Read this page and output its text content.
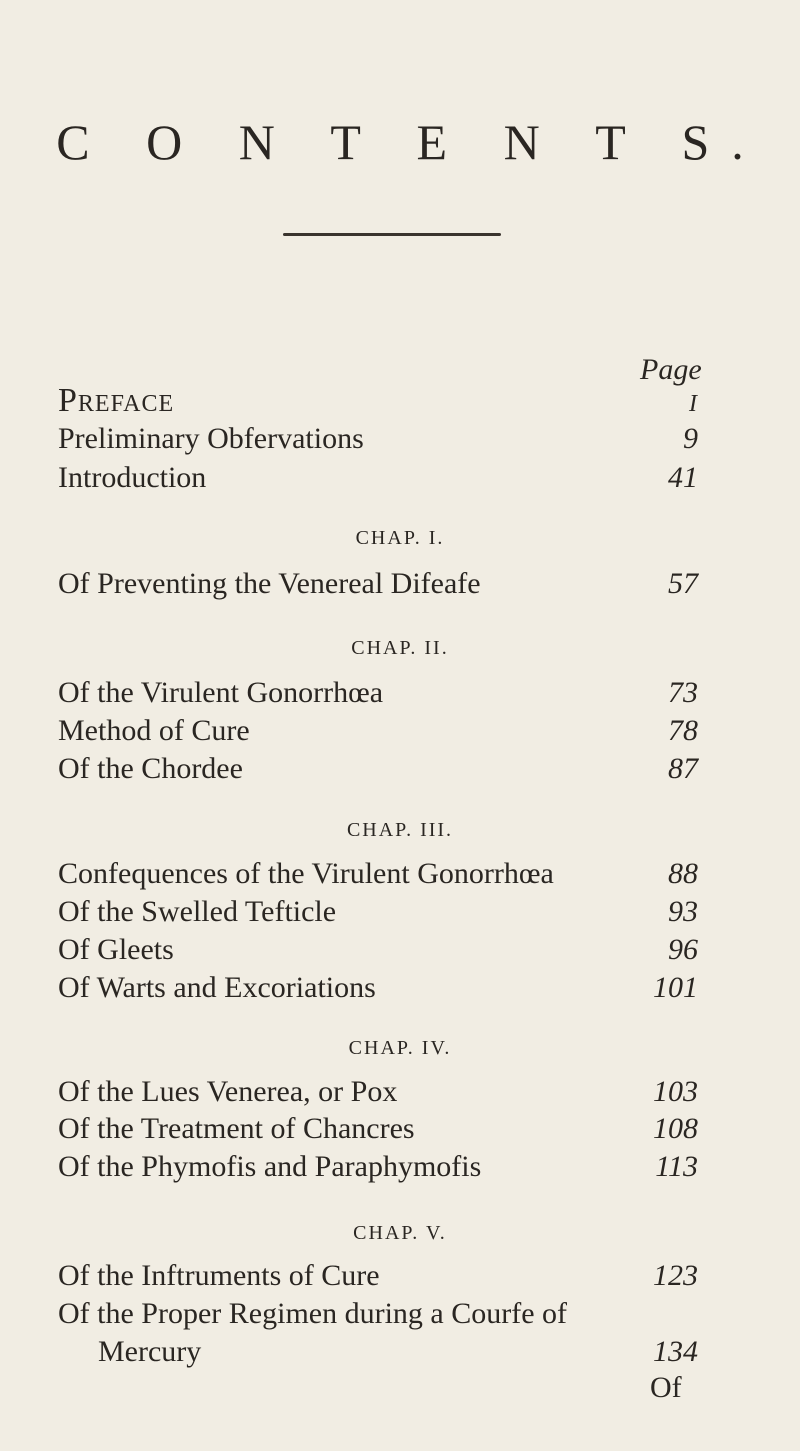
C O N T E N T S.
Page
Preface	i
Preliminary Obfervations	9
Introduction	41
CHAP. I.
Of Preventing the Venereal Difeafe	57
CHAP. II.
Of the Virulent Gonorrhœa	73
Method of Cure	78
Of the Chordee	87
CHAP. III.
Confequences of the Virulent Gonorrhœa	88
Of the Swelled Tefticle	93
Of Gleets	96
Of Warts and Excoriations	101
CHAP. IV.
Of the Lues Venerea, or Pox	103
Of the Treatment of Chancres	108
Of the Phymofis and Paraphymofis	113
CHAP. V.
Of the Inftruments of Cure	123
Of the Proper Regimen during a Courfe of
Mercury	134
Of
